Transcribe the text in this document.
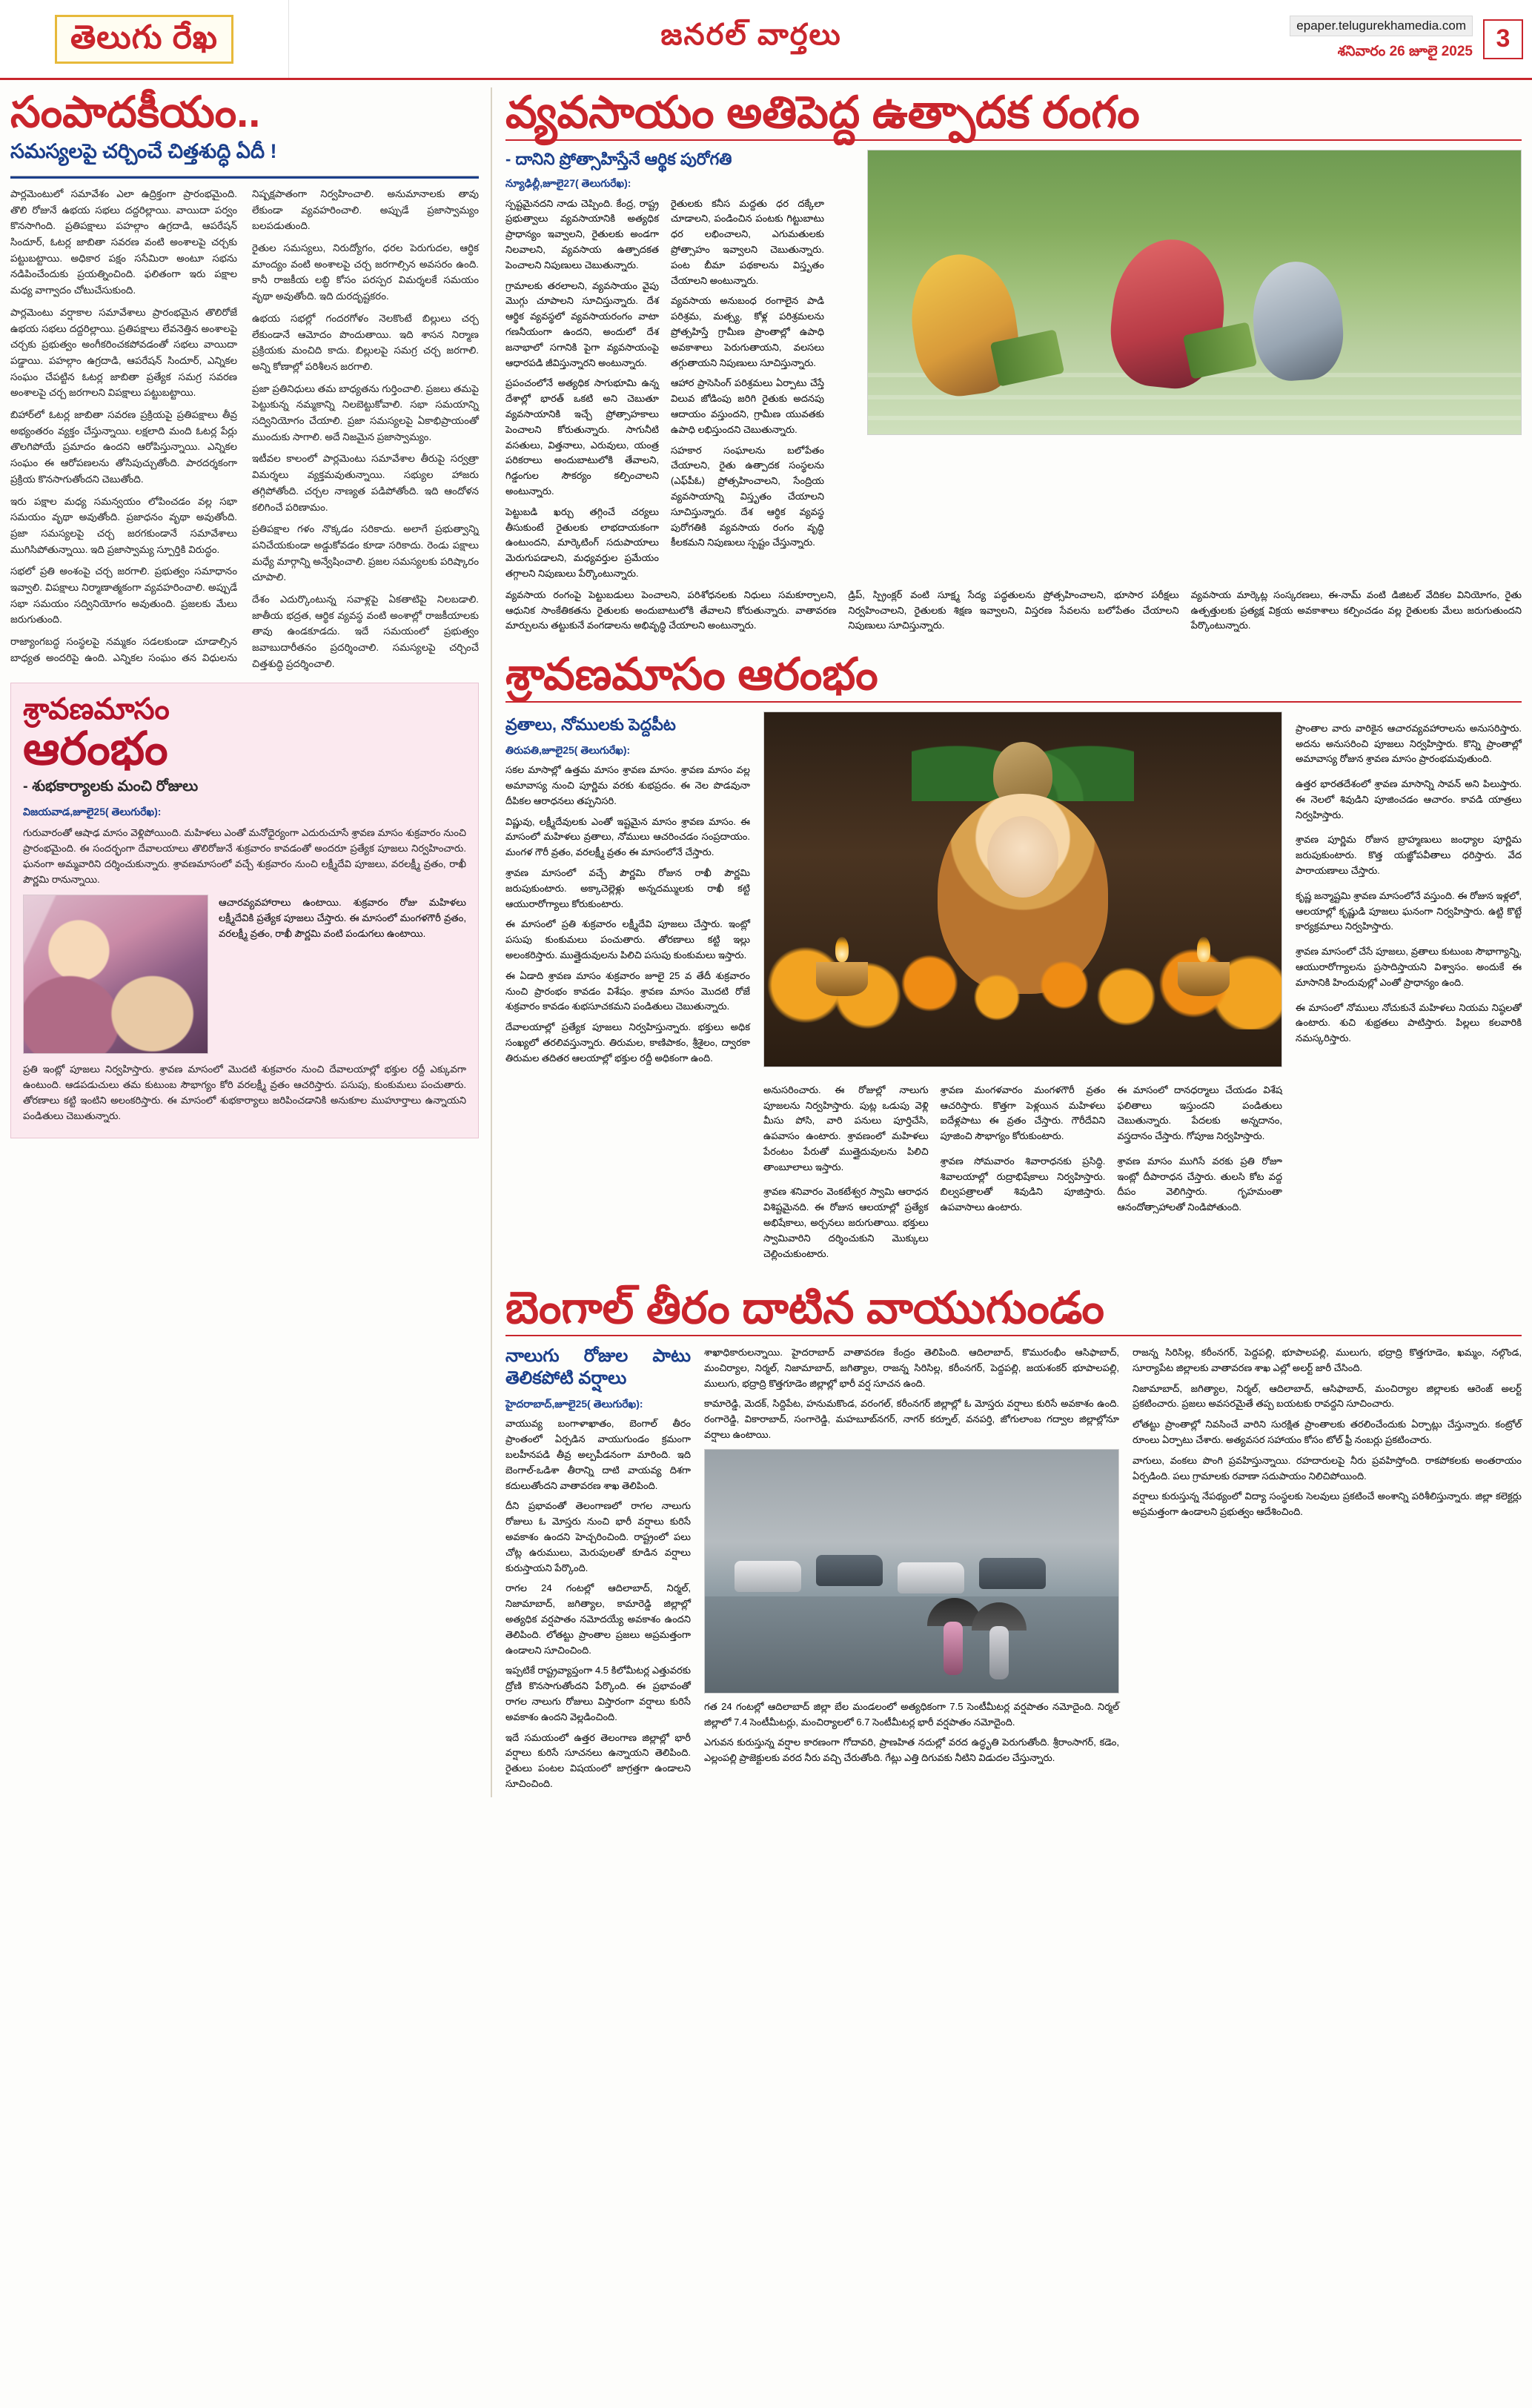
తెలుగు రేఖ	జనరల్ వార్తలు	epaper.telugurekhamedia.com
శనివారం 26 జూలై 2025 3
సంపాదకీయం..
సమస్యలపై చర్చించే చిత్తశుద్ధి ఏదీ !

పార్లమెంటులో సమావేశం ఎలా ఉద్రిక్తంగా ప్రారంభమైంది. తొలి రోజునే ఉభయ సభలు దద్దరిల్లాయి. వాయిదా పర్వం కొనసాగింది. ప్రతిపక్షాలు పహల్గాం ఉగ్రదాడి, ఆపరేషన్ సిందూర్, ఓటర్ల జాబితా సవరణ వంటి అంశాలపై చర్చకు పట్టుబట్టాయి. అధికార పక్షం ససేమిరా అంటూ సభను నడిపించేందుకు ప్రయత్నించింది. ఫలితంగా ఇరు పక్షాల మధ్య వాగ్వాదం చోటుచేసుకుంది.

పార్లమెంటు వర్షాకాల సమావేశాలు ప్రారంభమైన తొలిరోజే ఉభయ సభలు దద్దరిల్లాయి. ప్రతిపక్షాలు లేవనెత్తిన అంశాలపై చర్చకు ప్రభుత్వం అంగీకరించకపోవడంతో సభలు వాయిదా పడ్డాయి. పహల్గాం ఉగ్రదాడి, ఆపరేషన్ సిందూర్, ఎన్నికల సంఘం చేపట్టిన ఓటర్ల జాబితా ప్రత్యేక సమగ్ర సవరణ అంశాలపై చర్చ జరగాలని విపక్షాలు పట్టుబట్టాయి.

బిహార్‌లో ఓటర్ల జాబితా సవరణ ప్రక్రియపై ప్రతిపక్షాలు తీవ్ర అభ్యంతరం వ్యక్తం చేస్తున్నాయి. లక్షలాది మంది ఓటర్ల పేర్లు తొలగిపోయే ప్రమాదం ఉందని ఆరోపిస్తున్నాయి. ఎన్నికల సంఘం ఈ ఆరోపణలను తోసిపుచ్చుతోంది. పారదర్శకంగా ప్రక్రియ కొనసాగుతోందని చెబుతోంది.

ఇరు పక్షాల మధ్య సమన్వయం లోపించడం వల్ల సభా సమయం వృథా అవుతోంది. ప్రజాధనం వృథా అవుతోంది. ప్రజా సమస్యలపై చర్చ జరగకుండానే సమావేశాలు ముగిసిపోతున్నాయి. ఇది ప్రజాస్వామ్య స్పూర్తికి విరుద్ధం.

సభలో ప్రతి అంశంపై చర్చ జరగాలి. ప్రభుత్వం సమాధానం ఇవ్వాలి. విపక్షాలు నిర్మాణాత్మకంగా వ్యవహరించాలి. అప్పుడే సభా సమయం సద్వినియోగం అవుతుంది. ప్రజలకు మేలు జరుగుతుంది.

రాజ్యాంగబద్ధ సంస్థలపై నమ్మకం సడలకుండా చూడాల్సిన బాధ్యత అందరిపై ఉంది. ఎన్నికల సంఘం తన విధులను నిష్పక్షపాతంగా నిర్వహించాలి. అనుమానాలకు తావు లేకుండా వ్యవహరించాలి. అప్పుడే ప్రజాస్వామ్యం బలపడుతుంది.

రైతుల సమస్యలు, నిరుద్యోగం, ధరల పెరుగుదల, ఆర్థిక మాంద్యం వంటి అంశాలపై చర్చ జరగాల్సిన అవసరం ఉంది. కానీ రాజకీయ లబ్ధి కోసం పరస్పర విమర్శలకే సమయం వృథా అవుతోంది. ఇది దురదృష్టకరం.

ఉభయ సభల్లో గందరగోళం నెలకొంటే బిల్లులు చర్చ లేకుండానే ఆమోదం పొందుతాయి. ఇది శాసన నిర్మాణ ప్రక్రియకు మంచిది కాదు. బిల్లులపై సమగ్ర చర్చ జరగాలి. అన్ని కోణాల్లో పరిశీలన జరగాలి.

ప్రజా ప్రతినిధులు తమ బాధ్యతను గుర్తించాలి. ప్రజలు తమపై పెట్టుకున్న నమ్మకాన్ని నిలబెట్టుకోవాలి. సభా సమయాన్ని సద్వినియోగం చేయాలి. ప్రజా సమస్యలపై ఏకాభిప్రాయంతో ముందుకు సాగాలి. అదే నిజమైన ప్రజాస్వామ్యం.

ఇటీవల కాలంలో పార్లమెంటు సమావేశాల తీరుపై సర్వత్రా విమర్శలు వ్యక్తమవుతున్నాయి. సభ్యుల హాజరు తగ్గిపోతోంది. చర్చల నాణ్యత పడిపోతోంది. ఇది ఆందోళన కలిగించే పరిణామం.

ప్రతిపక్షాల గళం నొక్కడం సరికాదు. అలాగే ప్రభుత్వాన్ని పనిచేయకుండా అడ్డుకోవడం కూడా సరికాదు. రెండు పక్షాలు మధ్యే మార్గాన్ని అన్వేషించాలి. ప్రజల సమస్యలకు పరిష్కారం చూపాలి.

దేశం ఎదుర్కొంటున్న సవాళ్లపై ఏకతాటిపై నిలబడాలి. జాతీయ భద్రత, ఆర్థిక వ్యవస్థ వంటి అంశాల్లో రాజకీయాలకు తావు ఉండకూడదు. ఇదే సమయంలో ప్రభుత్వం జవాబుదారీతనం ప్రదర్శించాలి. సమస్యలపై చర్చించే చిత్తశుద్ధి ప్రదర్శించాలి.

శ్రావణమాసం
ఆరంభం
- శుభకార్యాలకు మంచి రోజులు
విజయవాడ,జూలై25( తెలుగురేఖ):
గురువారంతో ఆషాఢ మాసం వెళ్లిపోయింది. మహిళలు ఎంతో మనోధైర్యంగా ఎదురుచూసే శ్రావణ మాసం శుక్రవారం నుంచి ప్రారంభమైంది. ఈ సందర్భంగా దేవాలయాలు తొలిరోజునే శుక్రవారం కావడంతో అందరూ ప్రత్యేక పూజలు నిర్వహించారు. ఘనంగా అమ్మవారిని దర్శించుకున్నారు. శ్రావణమాసంలో వచ్చే శుక్రవారం నుంచి లక్ష్మీదేవి పూజలు, వరలక్ష్మీ వ్రతం, రాఖీ పౌర్ణమి రానున్నాయి.
ఆచారవ్యవహారాలు ఉంటాయి. శుక్రవారం రోజు మహిళలు లక్ష్మీదేవికి ప్రత్యేక పూజలు చేస్తారు. ఈ మాసంలో మంగళగౌరీ వ్రతం, వరలక్ష్మీ వ్రతం, రాఖీ పౌర్ణమి వంటి పండుగలు ఉంటాయి.
ప్రతి ఇంట్లో పూజలు నిర్వహిస్తారు. శ్రావణ మాసంలో మొదటి శుక్రవారం నుంచి దేవాలయాల్లో భక్తుల రద్దీ ఎక్కువగా ఉంటుంది. ఆడపడుచులు తమ కుటుంబ సౌభాగ్యం కోరి వరలక్ష్మీ వ్రతం ఆచరిస్తారు. పసుపు, కుంకుమలు పంచుతారు. తోరణాలు కట్టి ఇంటిని అలంకరిస్తారు. ఈ మాసంలో శుభకార్యాలు జరిపించడానికి అనుకూల ముహూర్తాలు ఉన్నాయని పండితులు చెబుతున్నారు.
వ్యవసాయం అతిపెద్ద ఉత్పాదక రంగం
- దానిని ప్రోత్సాహిస్తేనే ఆర్థిక పురోగతి
న్యూఢిల్లీ,జూలై27( తెలుగురేఖ):

స్పష్టమైనదని నాడు చెప్పింది. కేంద్ర, రాష్ట్ర ప్రభుత్వాలు వ్యవసాయానికి అత్యధిక ప్రాధాన్యం ఇవ్వాలని, రైతులకు అండగా నిలవాలని, వ్యవసాయ ఉత్పాదకత పెంచాలని నిపుణులు చెబుతున్నారు.

గ్రామాలకు తరలాలని, వ్యవసాయం వైపు మొగ్గు చూపాలని సూచిస్తున్నారు. దేశ ఆర్థిక వ్యవస్థలో వ్యవసాయరంగం వాటా గణనీయంగా ఉందని, అందులో దేశ జనాభాలో సగానికి పైగా వ్యవసాయంపై ఆధారపడి జీవిస్తున్నారని అంటున్నారు.

ప్రపంచంలోనే అత్యధిక సాగుభూమి ఉన్న దేశాల్లో భారత్ ఒకటి అని చెబుతూ వ్యవసాయానికి ఇచ్చే ప్రోత్సాహకాలు పెంచాలని కోరుతున్నారు. సాగునీటి వసతులు, విత్తనాలు, ఎరువులు, యంత్ర పరికరాలు అందుబాటులోకి తేవాలని, గిడ్డంగుల సౌకర్యం కల్పించాలని అంటున్నారు.

పెట్టుబడి ఖర్చు తగ్గించే చర్యలు తీసుకుంటే రైతులకు లాభదాయకంగా ఉంటుందని, మార్కెటింగ్ సదుపాయాలు మెరుగుపడాలని, మధ్యవర్తుల ప్రమేయం తగ్గాలని నిపుణులు పేర్కొంటున్నారు.

రైతులకు కనీస మద్దతు ధర దక్కేలా చూడాలని, పండించిన పంటకు గిట్టుబాటు ధర లభించాలని, ఎగుమతులకు ప్రోత్సాహం ఇవ్వాలని చెబుతున్నారు. పంట బీమా పథకాలను విస్తృతం చేయాలని అంటున్నారు.

వ్యవసాయ అనుబంధ రంగాలైన పాడి పరిశ్రమ, మత్స్య, కోళ్ల పరిశ్రమలను ప్రోత్సహిస్తే గ్రామీణ ప్రాంతాల్లో ఉపాధి అవకాశాలు పెరుగుతాయని, వలసలు తగ్గుతాయని నిపుణులు సూచిస్తున్నారు.

ఆహార ప్రాసెసింగ్ పరిశ్రమలు ఏర్పాటు చేస్తే విలువ జోడింపు జరిగి రైతుకు అదనపు ఆదాయం వస్తుందని, గ్రామీణ యువతకు ఉపాధి లభిస్తుందని చెబుతున్నారు.

సహకార సంఘాలను బలోపేతం చేయాలని, రైతు ఉత్పాదక సంస్థలను (ఎఫ్‌పీఓ) ప్రోత్సహించాలని, సేంద్రియ వ్యవసాయాన్ని విస్తృతం చేయాలని సూచిస్తున్నారు. దేశ ఆర్థిక వ్యవస్థ పురోగతికి వ్యవసాయ రంగం వృద్ధి కీలకమని నిపుణులు స్పష్టం చేస్తున్నారు.

వ్యవసాయ రంగంపై పెట్టుబడులు పెంచాలని, పరిశోధనలకు నిధులు సమకూర్చాలని, ఆధునిక సాంకేతికతను రైతులకు అందుబాటులోకి తేవాలని కోరుతున్నారు. వాతావరణ మార్పులను తట్టుకునే వంగడాలను అభివృద్ధి చేయాలని అంటున్నారు.

డ్రిప్, స్ప్రింక్లర్ వంటి సూక్ష్మ సేద్య పద్ధతులను ప్రోత్సహించాలని, భూసార పరీక్షలు నిర్వహించాలని, రైతులకు శిక్షణ ఇవ్వాలని, విస్తరణ సేవలను బలోపేతం చేయాలని నిపుణులు సూచిస్తున్నారు.

వ్యవసాయ మార్కెట్ల సంస్కరణలు, ఈ-నామ్ వంటి డిజిటల్ వేదికల వినియోగం, రైతు ఉత్పత్తులకు ప్రత్యక్ష విక్రయ అవకాశాలు కల్పించడం వల్ల రైతులకు మేలు జరుగుతుందని పేర్కొంటున్నారు.

శ్రావణమాసం ఆరంభం
వ్రతాలు, నోములకు పెద్దపీట
తిరుపతి,జూలై25( తెలుగురేఖ):

సకల మాసాల్లో ఉత్తమ మాసం శ్రావణ మాసం. శ్రావణ మాసం వల్ల అమావాస్య నుంచి పూర్ణిమ వరకు శుభప్రదం. ఈ నెల పొడవునా దీపికల ఆరాధనలు తప్పనిసరి.

విష్ణువు, లక్ష్మీదేవులకు ఎంతో ఇష్టమైన మాసం శ్రావణ మాసం. ఈ మాసంలో మహిళలు వ్రతాలు, నోములు ఆచరించడం సంప్రదాయం. మంగళ గౌరీ వ్రతం, వరలక్ష్మీ వ్రతం ఈ మాసంలోనే చేస్తారు.

శ్రావణ మాసంలో వచ్చే పౌర్ణమి రోజున రాఖీ పౌర్ణమి జరుపుకుంటారు. అక్కాచెల్లెళ్లు అన్నదమ్ములకు రాఖీ కట్టి ఆయురారోగ్యాలు కోరుకుంటారు.

ఈ మాసంలో ప్రతి శుక్రవారం లక్ష్మీదేవి పూజలు చేస్తారు. ఇంట్లో పసుపు కుంకుమలు పంచుతారు. తోరణాలు కట్టి ఇల్లు అలంకరిస్తారు. ముత్తైదువులను పిలిచి పసుపు కుంకుమలు ఇస్తారు.

ఈ ఏడాది శ్రావణ మాసం శుక్రవారం జూలై 25 వ తేదీ శుక్రవారం నుంచి ప్రారంభం కావడం విశేషం. శ్రావణ మాసం మొదటి రోజే శుక్రవారం కావడం శుభసూచకమని పండితులు చెబుతున్నారు.

దేవాలయాల్లో ప్రత్యేక పూజలు నిర్వహిస్తున్నారు. భక్తులు అధిక సంఖ్యలో తరలివస్తున్నారు. తిరుమల, కాణిపాకం, శ్రీశైలం, ద్వారకా తిరుమల తదితర ఆలయాల్లో భక్తుల రద్దీ అధికంగా ఉంది.

అనుసరించారు. ఈ రోజుల్లో నాలుగు పూజలను నిర్వహిస్తారు. పుట్ల ఒడుపు వెళ్లి మీసు పోసి, వారి పనులు పూర్తిచేసి, ఉపవాసం ఉంటారు. శ్రావణంలో మహిళలు పేరంటం పేరుతో ముత్తైదువులను పిలిచి తాంబూలాలు ఇస్తారు.

శ్రావణ శనివారం వెంకటేశ్వర స్వామి ఆరాధన విశిష్టమైనది. ఈ రోజున ఆలయాల్లో ప్రత్యేక అభిషేకాలు, అర్చనలు జరుగుతాయి. భక్తులు స్వామివారిని దర్శించుకుని మొక్కులు చెల్లించుకుంటారు.

శ్రావణ మంగళవారం మంగళగౌరీ వ్రతం ఆచరిస్తారు. కొత్తగా పెళ్లయిన మహిళలు ఐదేళ్లపాటు ఈ వ్రతం చేస్తారు. గౌరీదేవిని పూజించి సౌభాగ్యం కోరుకుంటారు.

శ్రావణ సోమవారం శివారాధనకు ప్రసిద్ధి. శివాలయాల్లో రుద్రాభిషేకాలు నిర్వహిస్తారు. బిల్వపత్రాలతో శివుడిని పూజిస్తారు. ఉపవాసాలు ఉంటారు.

ఈ మాసంలో దానధర్మాలు చేయడం విశేష ఫలితాలు ఇస్తుందని పండితులు చెబుతున్నారు. పేదలకు అన్నదానం, వస్త్రదానం చేస్తారు. గోపూజ నిర్వహిస్తారు.

శ్రావణ మాసం ముగిసే వరకు ప్రతి రోజూ ఇంట్లో దీపారాధన చేస్తారు. తులసి కోట వద్ద దీపం వెలిగిస్తారు. గృహమంతా ఆనందోత్సాహాలతో నిండిపోతుంది.

ప్రాంతాల వారు వారికైన ఆచారవ్యవహారాలను అనుసరిస్తారు. అదను అనుసరించి పూజలు నిర్వహిస్తారు. కొన్ని ప్రాంతాల్లో అమావాస్య రోజున శ్రావణ మాసం ప్రారంభమవుతుంది.

ఉత్తర భారతదేశంలో శ్రావణ మాసాన్ని సావన్ అని పిలుస్తారు. ఈ నెలలో శివుడిని పూజించడం ఆచారం. కావడి యాత్రలు నిర్వహిస్తారు.

శ్రావణ పూర్ణిమ రోజున బ్రాహ్మణులు జంధ్యాల పూర్ణిమ జరుపుకుంటారు. కొత్త యజ్ఞోపవీతాలు ధరిస్తారు. వేద పారాయణాలు చేస్తారు.

కృష్ణ జన్మాష్టమి శ్రావణ మాసంలోనే వస్తుంది. ఈ రోజున ఇళ్లలో, ఆలయాల్లో కృష్ణుడి పూజలు ఘనంగా నిర్వహిస్తారు. ఉట్టి కొట్టే కార్యక్రమాలు నిర్వహిస్తారు.

శ్రావణ మాసంలో చేసే పూజలు, వ్రతాలు కుటుంబ సౌభాగ్యాన్ని, ఆయురారోగ్యాలను ప్రసాదిస్తాయని విశ్వాసం. అందుకే ఈ మాసానికి హిందువుల్లో ఎంతో ప్రాధాన్యం ఉంది.

ఈ మాసంలో నోములు నోచుకునే మహిళలు నియమ నిష్ఠలతో ఉంటారు. శుచి శుభ్రతలు పాటిస్తారు. పిల్లలు కలవారికి నమస్కరిస్తారు.

బెంగాల్ తీరం దాటిన వాయుగుండం
నాలుగు రోజుల పాటు తెలికపోటి వర్షాలు
హైదరాబాద్,జూలై25( తెలుగురేఖ):

వాయువ్య బంగాళాఖాతం, బెంగాల్ తీరం ప్రాంతంలో ఏర్పడిన వాయుగుండం క్రమంగా బలహీనపడి తీవ్ర అల్పపీడనంగా మారింది. ఇది బెంగాల్-ఒడిశా తీరాన్ని దాటి వాయవ్య దిశగా కదులుతోందని వాతావరణ శాఖ తెలిపింది.

దీని ప్రభావంతో తెలంగాణలో రాగల నాలుగు రోజులు ఓ మోస్తరు నుంచి భారీ వర్షాలు కురిసే అవకాశం ఉందని హెచ్చరించింది. రాష్ట్రంలో పలు చోట్ల ఉరుములు, మెరుపులతో కూడిన వర్షాలు కురుస్తాయని పేర్కొంది.

రాగల 24 గంటల్లో ఆదిలాబాద్, నిర్మల్, నిజామాబాద్, జగిత్యాల, కామారెడ్డి జిల్లాల్లో అత్యధిక వర్షపాతం నమోదయ్యే అవకాశం ఉందని తెలిపింది. లోతట్టు ప్రాంతాల ప్రజలు అప్రమత్తంగా ఉండాలని సూచించింది.

ఇప్పటికే రాష్ట్రవ్యాప్తంగా 4.5 కిలోమీటర్ల ఎత్తువరకు ద్రోణి కొనసాగుతోందని పేర్కొంది. ఈ ప్రభావంతో రాగల నాలుగు రోజులు విస్తారంగా వర్షాలు కురిసే అవకాశం ఉందని వెల్లడించింది.

ఇదే సమయంలో ఉత్తర తెలంగాణ జిల్లాల్లో భారీ వర్షాలు కురిసే సూచనలు ఉన్నాయని తెలిపింది. రైతులు పంటల విషయంలో జాగ్రత్తగా ఉండాలని సూచించింది.

శాఖాధికారులన్నాయి. హైదరాబాద్ వాతావరణ కేంద్రం తెలిపింది. ఆదిలాబాద్, కొమురంభీం ఆసిఫాబాద్, మంచిర్యాల, నిర్మల్, నిజామాబాద్, జగిత్యాల, రాజన్న సిరిసిల్ల, కరీంనగర్, పెద్దపల్లి, జయశంకర్ భూపాలపల్లి, ములుగు, భద్రాద్రి కొత్తగూడెం జిల్లాల్లో భారీ వర్ష సూచన ఉంది.

కామారెడ్డి, మెదక్, సిద్దిపేట, హనుమకొండ, వరంగల్, కరీంనగర్ జిల్లాల్లో ఓ మోస్తరు వర్షాలు కురిసే అవకాశం ఉంది. రంగారెడ్డి, వికారాబాద్, సంగారెడ్డి, మహబూబ్‌నగర్, నాగర్ కర్నూల్, వనపర్తి, జోగులాంబ గద్వాల జిల్లాల్లోనూ వర్షాలు ఉంటాయి.

గత 24 గంటల్లో ఆదిలాబాద్ జిల్లా బేల మండలంలో అత్యధికంగా 7.5 సెంటీమీటర్ల వర్షపాతం నమోదైంది. నిర్మల్ జిల్లాలో 7.4 సెంటీమీటర్లు, మంచిర్యాలలో 6.7 సెంటీమీటర్ల భారీ వర్షపాతం నమోదైంది.

ఎగువన కురుస్తున్న వర్షాల కారణంగా గోదావరి, ప్రాణహిత నదుల్లో వరద ఉద్ధృతి పెరుగుతోంది. శ్రీరాంసాగర్, కడెం, ఎల్లంపల్లి ప్రాజెక్టులకు వరద నీరు వచ్చి చేరుతోంది. గేట్లు ఎత్తి దిగువకు నీటిని విడుదల చేస్తున్నారు.

రాజన్న సిరిసిల్ల, కరీంనగర్, పెద్దపల్లి, భూపాలపల్లి, ములుగు, భద్రాద్రి కొత్తగూడెం, ఖమ్మం, నల్గొండ, సూర్యాపేట జిల్లాలకు వాతావరణ శాఖ ఎల్లో అలర్ట్ జారీ చేసింది.

నిజామాబాద్, జగిత్యాల, నిర్మల్, ఆదిలాబాద్, ఆసిఫాబాద్, మంచిర్యాల జిల్లాలకు ఆరెంజ్ అలర్ట్ ప్రకటించారు. ప్రజలు అవసరమైతే తప్ప బయటకు రావద్దని సూచించారు.

లోతట్టు ప్రాంతాల్లో నివసించే వారిని సురక్షిత ప్రాంతాలకు తరలించేందుకు ఏర్పాట్లు చేస్తున్నారు. కంట్రోల్ రూంలు ఏర్పాటు చేశారు. అత్యవసర సహాయం కోసం టోల్ ఫ్రీ నంబర్లు ప్రకటించారు.

వాగులు, వంకలు పొంగి ప్రవహిస్తున్నాయి. రహదారులపై నీరు ప్రవహిస్తోంది. రాకపోకలకు అంతరాయం ఏర్పడింది. పలు గ్రామాలకు రవాణా సదుపాయం నిలిచిపోయింది.

వర్షాలు కురుస్తున్న నేపథ్యంలో విద్యా సంస్థలకు సెలవులు ప్రకటించే అంశాన్ని పరిశీలిస్తున్నారు. జిల్లా కలెక్టర్లు అప్రమత్తంగా ఉండాలని ప్రభుత్వం ఆదేశించింది.
